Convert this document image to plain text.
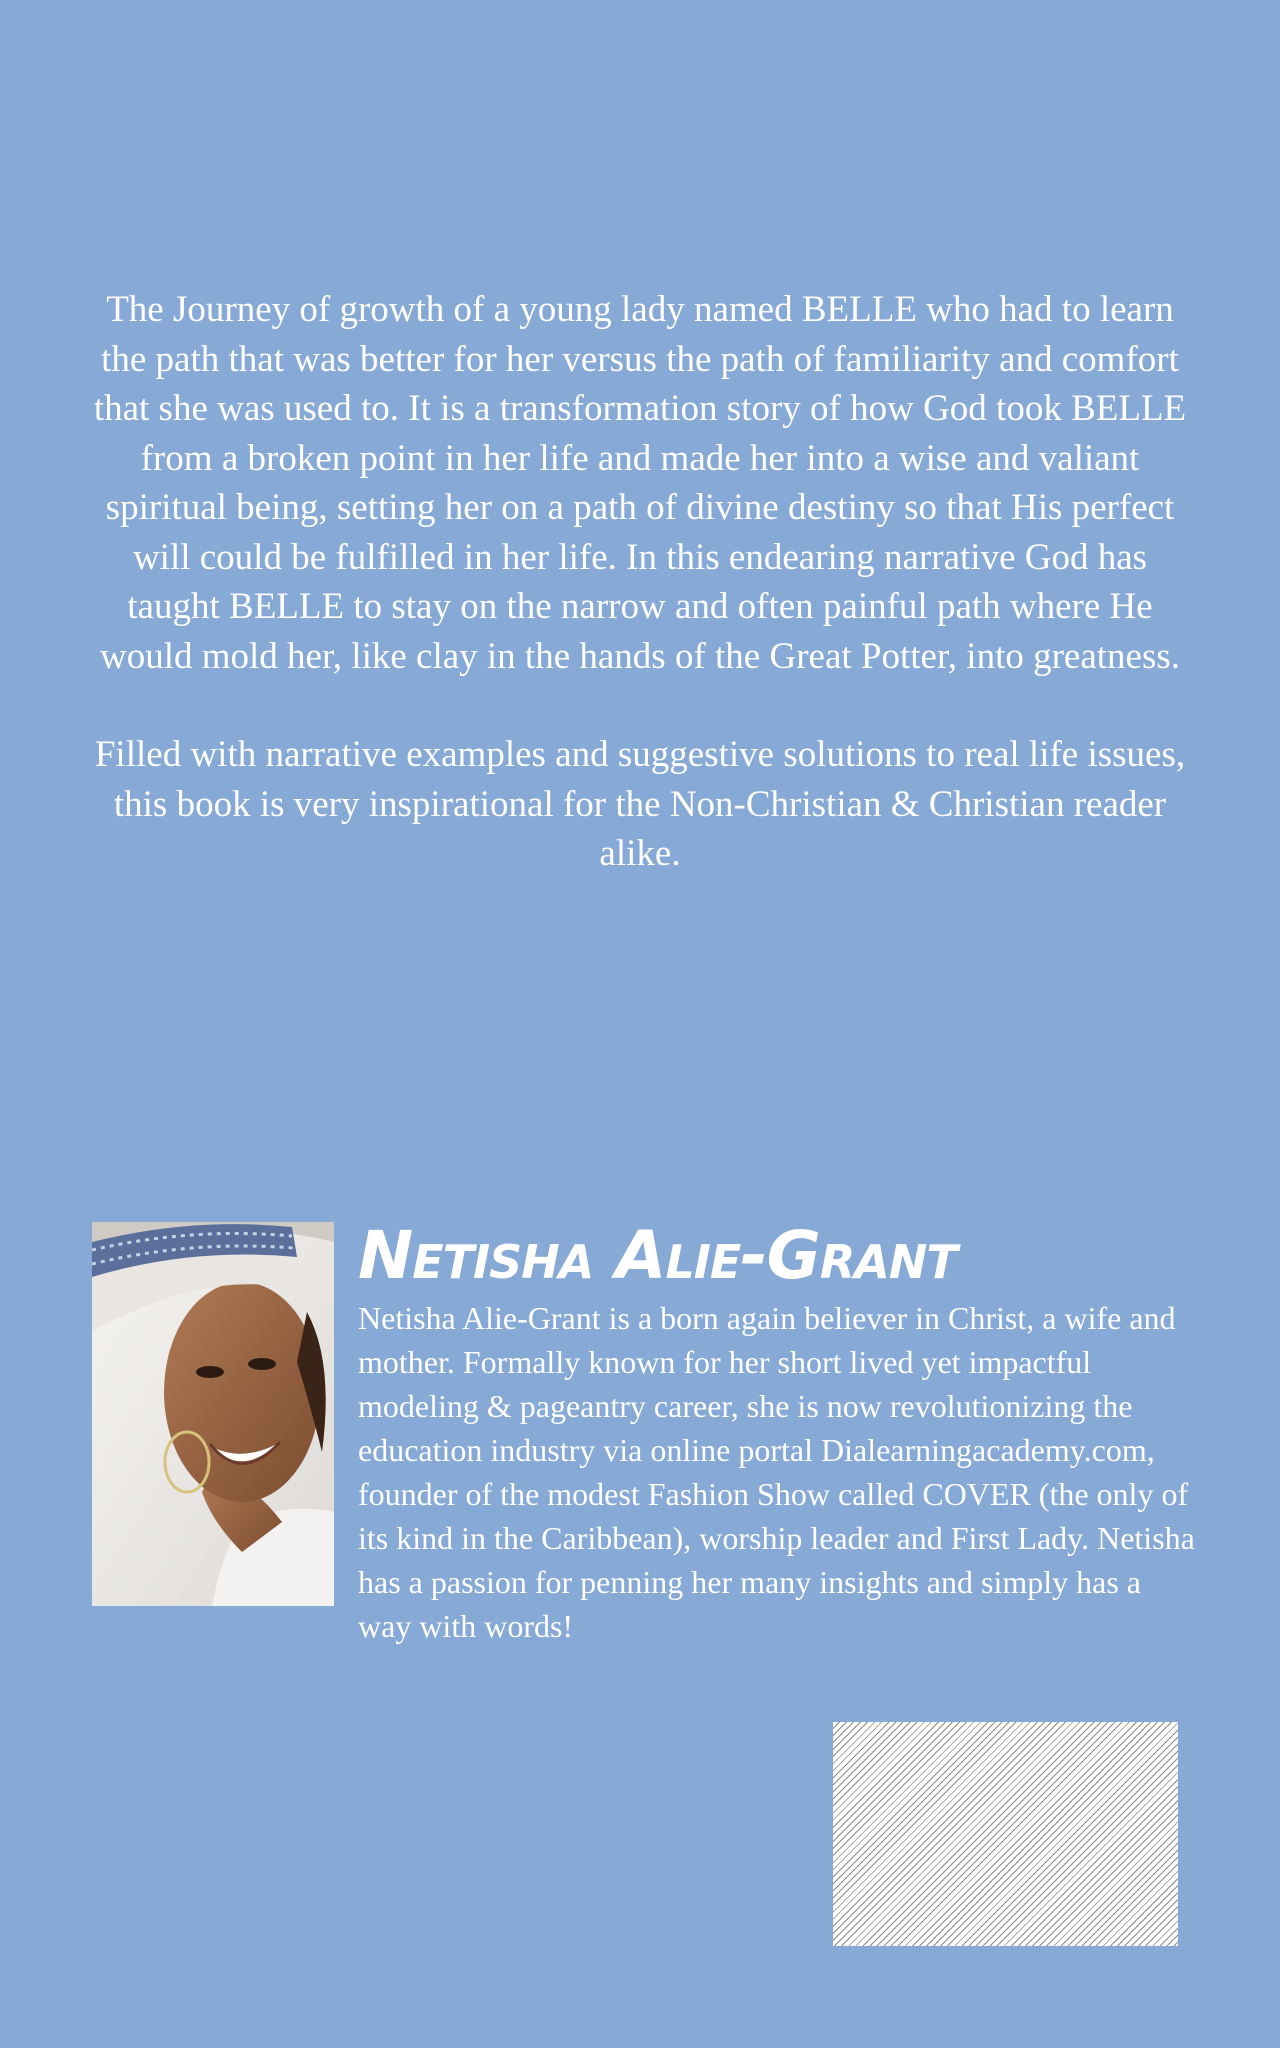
The Journey of growth of a young lady named BELLE who had to learn the path that was better for her versus the path of familiarity and comfort that she was used to. It is a transformation story of how God took BELLE from a broken point in her life and made her into a wise and valiant spiritual being, setting her on a path of divine destiny so that His perfect will could be fulfilled in her life. In this endearing narrative God has taught BELLE to stay on the narrow and often painful path where He would mold her, like clay in the hands of the Great Potter, into greatness.

Filled with narrative examples and suggestive solutions to real life issues, this book is very inspirational for the Non-Christian & Christian reader alike.

Netisha Alie-Grant
Netisha Alie-Grant is a born again believer in Christ, a wife and mother. Formally known for her short lived yet impactful modeling & pageantry career, she is now revolutionizing the education industry via online portal Dialearningacademy.com, founder of the modest Fashion Show called COVER (the only of its kind in the Caribbean), worship leader and First Lady. Netisha has a passion for penning her many insights and simply has a way with words!
